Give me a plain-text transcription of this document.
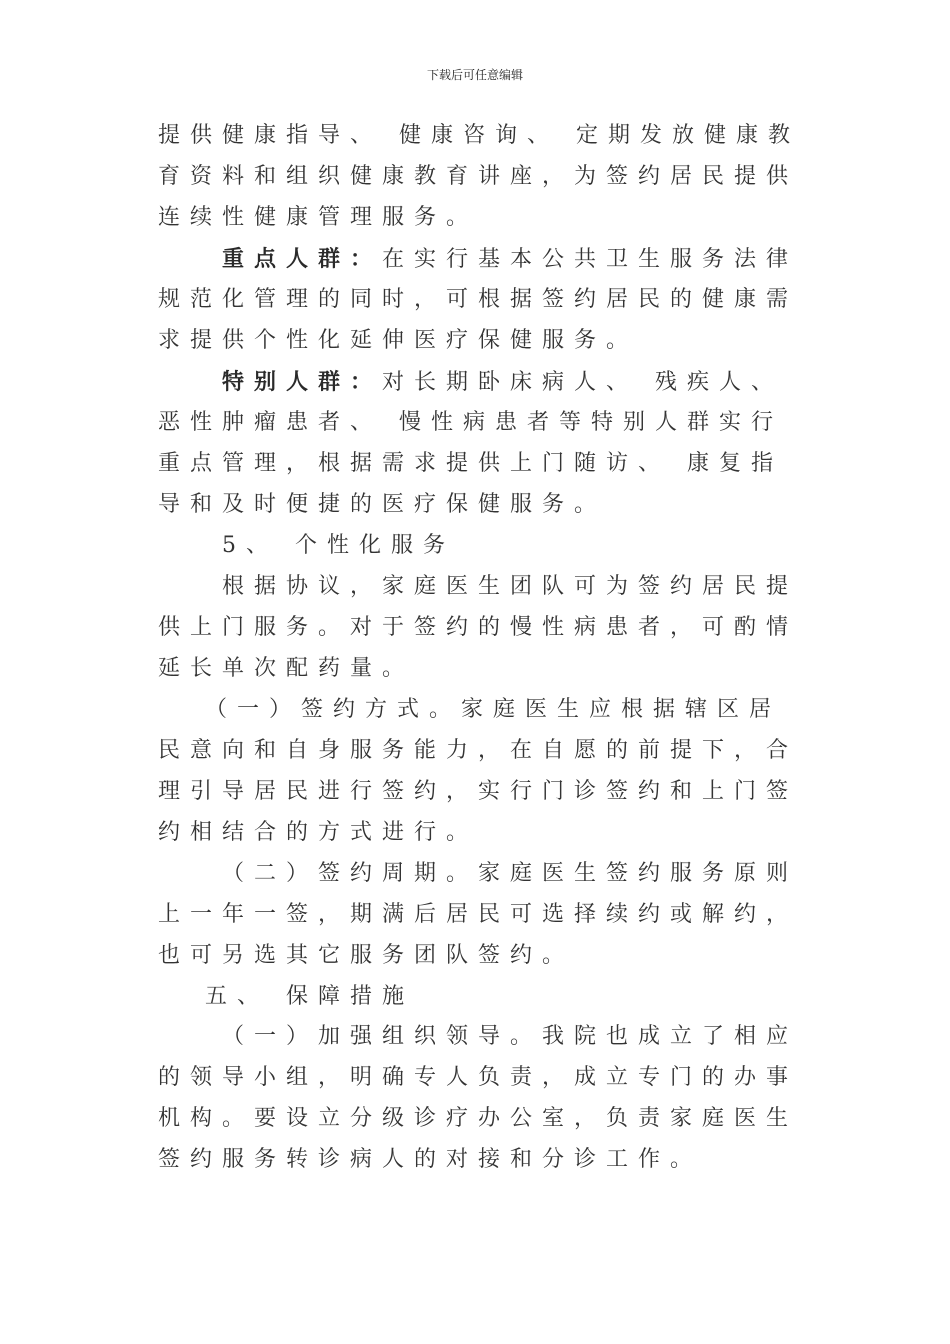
下载后可任意编辑
提供健康指导、 健康咨询、 定期发放健康教
育资料和组织健康教育讲座，为签约居民提供
连续性健康管理服务。
重点人群：在实行基本公共卫生服务法律
规范化管理的同时，可根据签约居民的健康需
求提供个性化延伸医疗保健服务。
特别人群：对长期卧床病人、 残疾人、
恶性肿瘤患者、 慢性病患者等特别人群实行
重点管理，根据需求提供上门随访、 康复指
导和及时便捷的医疗保健服务。
5、 个性化服务
根据协议，家庭医生团队可为签约居民提
供上门服务。对于签约的慢性病患者，可酌情
延长单次配药量。
（一）签约方式。家庭医生应根据辖区居
民意向和自身服务能力，在自愿的前提下，合
理引导居民进行签约，实行门诊签约和上门签
约相结合的方式进行。
（二）签约周期。家庭医生签约服务原则
上一年一签，期满后居民可选择续约或解约，
也可另选其它服务团队签约。
五、 保障措施
（一）加强组织领导。我院也成立了相应
的领导小组，明确专人负责，成立专门的办事
机构。要设立分级诊疗办公室，负责家庭医生
签约服务转诊病人的对接和分诊工作。
